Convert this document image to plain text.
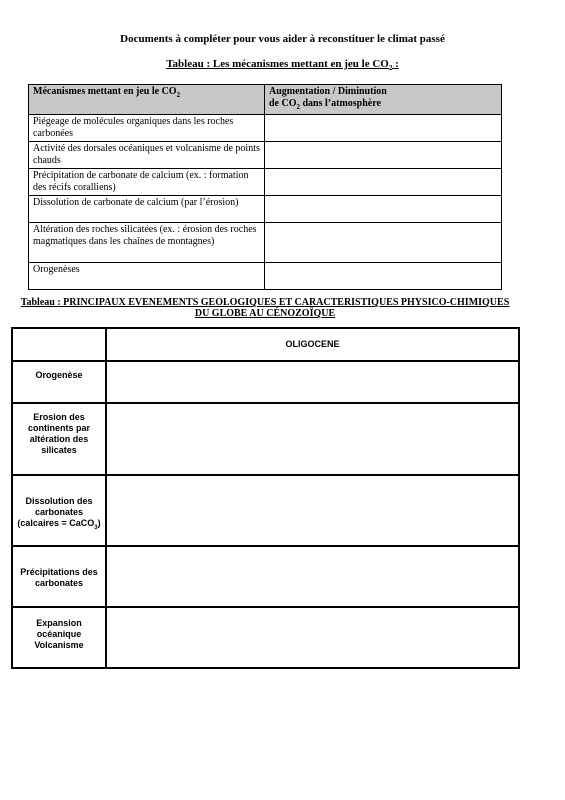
Documents à compléter pour vous aider à reconstituer le climat passé
Tableau : Les mécanismes mettant en jeu le $CO_2$ :
Mécanismes mettant en jeu le $CO_2$	Augmentation / Diminution
de $CO_2$ dans l’atmosphère

Piégeage de molécules organiques dans les roches carbonées	
Activité des dorsales océaniques et volcanisme de points chauds	
Précipitation de carbonate de calcium (ex. : formation des récifs coralliens)	
Dissolution de carbonate de calcium (par l’érosion)	
Altération des roches silicatées (ex. : érosion des roches magmatiques dans les chaînes de montagnes)	
Orogenèses	
Tableau : PRINCIPAUX EVENEMENTS GEOLOGIQUES ET CARACTERISTIQUES PHYSICO-CHIMIQUES
DU GLOBE AU CÉNOZOÏQUE
	OLIGOCENE
Orogenèse	
Erosion des continents par altération des silicates	
Dissolution des carbonates (calcaires = CaCO$_3$)	
Précipitations des carbonates	
Expansion océanique Volcanisme	
